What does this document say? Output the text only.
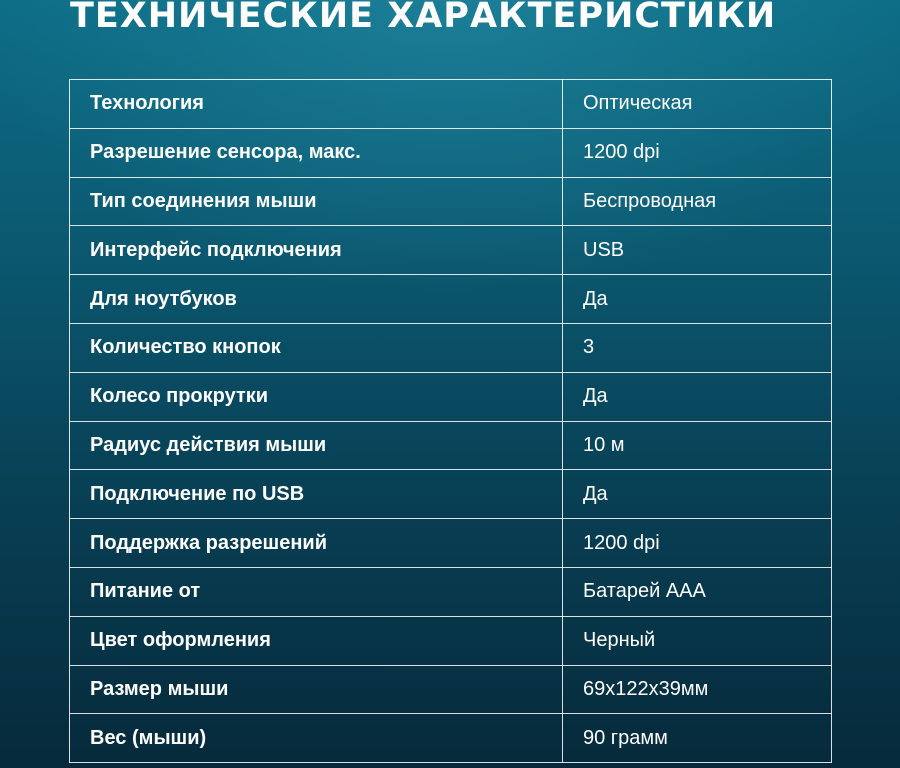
ТЕХНИЧЕСКИЕ ХАРАКТЕРИСТИКИ
Технология	Оптическая
Разрешение сенсора, макс.	1200 dpi
Тип соединения мыши	Беспроводная
Интерфейс подключения	USB
Для ноутбуков	Да
Количество кнопок	3
Колесо прокрутки	Да
Радиус действия мыши	10 м
Подключение по USB	Да
Поддержка разрешений	1200 dpi
Питание от	Батарей ААА
Цвет оформления	Черный
Размер мыши	69x122x39мм
Вес (мыши)	90 грамм
